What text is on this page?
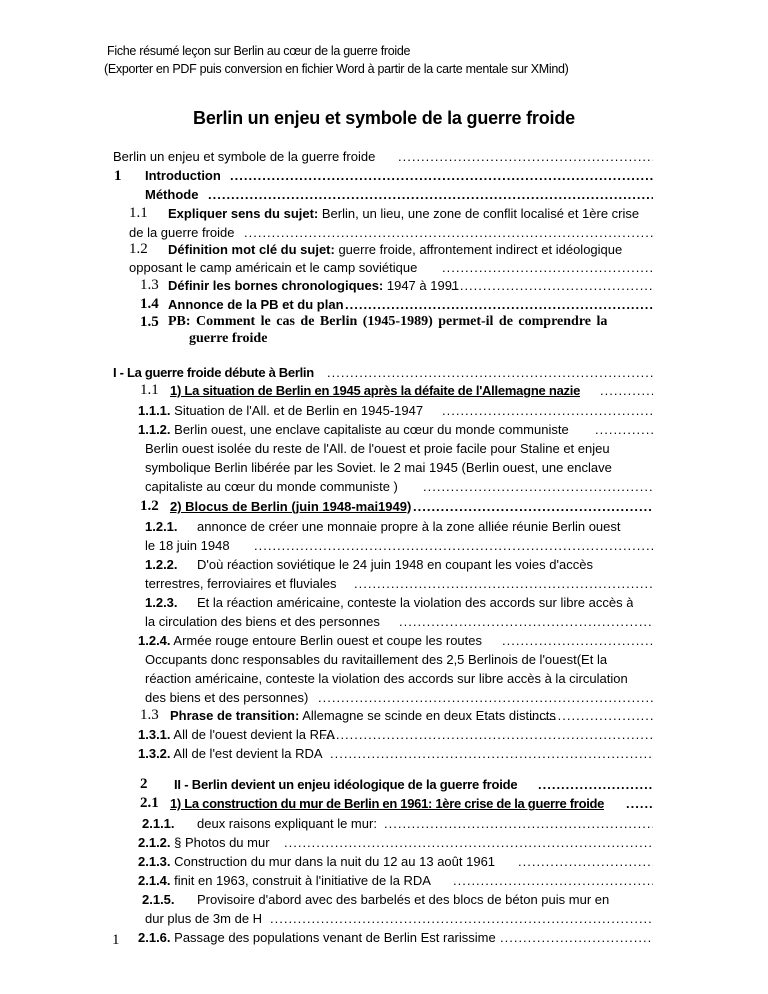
Fiche résumé leçon sur Berlin au cœur de la guerre froide
(Exporter en PDF puis conversion en fichier Word à partir de la carte mentale sur XMind)
Berlin un enjeu et symbole de la guerre froide
Berlin un enjeu et symbole de la guerre froide
.....
1 Introduction
.....
Méthode
.....
1.1 Expliquer sens du sujet: Berlin, un lieu, une zone de conflit localisé et 1ère crise
de la guerre froide
.....
1.2 Définition mot clé du sujet: guerre froide, affrontement indirect et idéologique
opposant le camp américain et le camp soviétique
.....
1.3 Définir les bornes chronologiques: 1947 à 1991
.....
1.4 Annonce de la PB et du plan
.....
1.5 PB: Comment le cas de Berlin (1945-1989) permet-il de comprendre la
guerre froide
I - La guerre froide débute à Berlin
.....
1.1 1) La situation de Berlin en 1945 après la défaite de l'Allemagne nazie
.....
1.1.1. Situation de l'All. et de Berlin en 1945-1947
.....
1.1.2. Berlin ouest, une enclave capitaliste au cœur du monde communiste
.....
Berlin ouest isolée du reste de l'All. de l'ouest et proie facile pour Staline et enjeu
symbolique Berlin libérée par les Soviet. le 2 mai 1945 (Berlin ouest, une enclave
capitaliste au cœur du monde communiste )
.....
1.2 2) Blocus de Berlin (juin 1948-mai1949)
.....
1.2.1. annonce de créer une monnaie propre à la zone alliée réunie Berlin ouest
le 18 juin 1948
.....
1.2.2. D'où réaction soviétique le 24 juin 1948 en coupant les voies d'accès
terrestres, ferroviaires et fluviales
.....
1.2.3. Et la réaction américaine, conteste la violation des accords sur libre accès à
la circulation des biens et des personnes
.....
1.2.4. Armée rouge entoure Berlin ouest et coupe les routes
.....
Occupants donc responsables du ravitaillement des 2,5 Berlinois de l'ouest(Et la
réaction américaine, conteste la violation des accords sur libre accès à la circulation
des biens et des personnes)
.....
1.3 Phrase de transition: Allemagne se scinde en deux Etats distincts
.....
1.3.1. All de l'ouest devient la RFA
.....
1.3.2. All de l'est devient la RDA
.....
2 II - Berlin devient un enjeu idéologique de la guerre froide
.....
2.1 1) La construction du mur de Berlin en 1961: 1ère crise de la guerre froide
.....
2.1.1. deux raisons expliquant le mur:
.....
2.1.2. § Photos du mur
.....
2.1.3. Construction du mur dans la nuit du 12 au 13 août 1961
.....
2.1.4. finit en 1963, construit à l'initiative de la RDA
.....
2.1.5. Provisoire d'abord avec des barbelés et des blocs de béton puis mur en
dur plus de 3m de H
.....
2.1.6. Passage des populations venant de Berlin Est rarissime
.....
1
